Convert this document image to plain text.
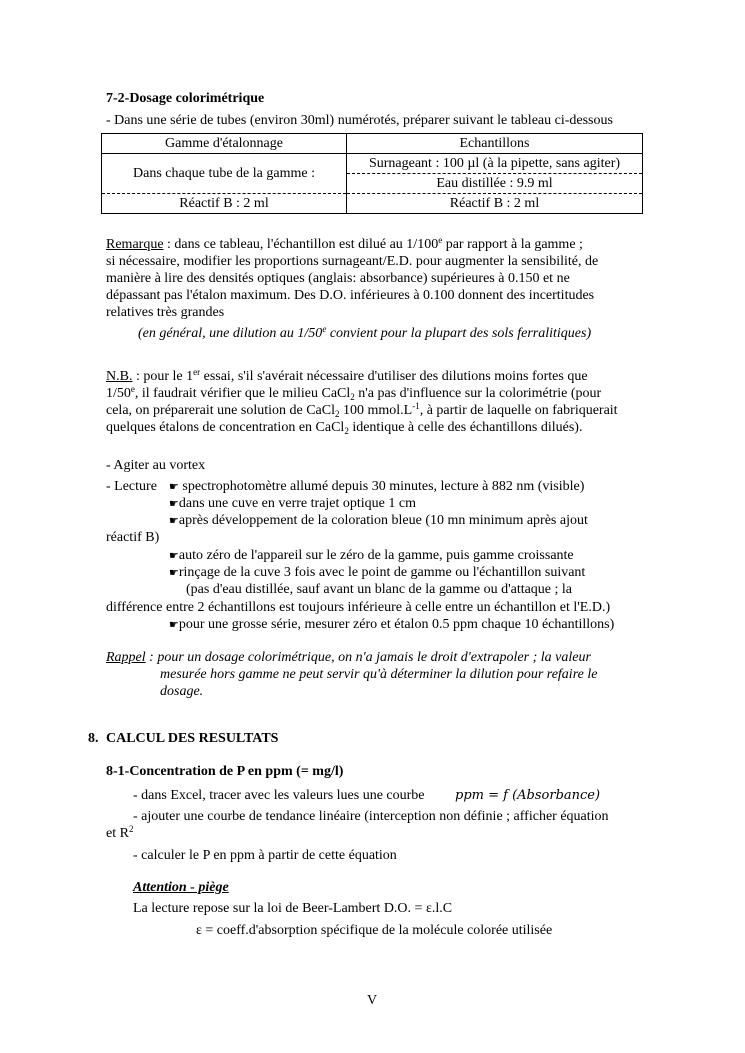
7-2-Dosage colorimétrique
- Dans une série de tubes (environ 30ml) numérotés, préparer suivant le tableau ci-dessous
Gamme d'étalonnage	Echantillons
Dans chaque tube de la gamme :	Surnageant : 100 µl (à la pipette, sans agiter)
	Eau distillée : 9.9 ml
Réactif B : 2 ml	Réactif B : 2 ml
Remarque : dans ce tableau, l'échantillon est dilué au 1/100e par rapport à la gamme ;
si nécessaire, modifier les proportions surnageant/E.D. pour augmenter la sensibilité, de
manière à lire des densités optiques (anglais: absorbance) supérieures à 0.150 et ne
dépassant pas l'étalon maximum. Des D.O. inférieures à 0.100 donnent des incertitudes
relatives très grandes
(en général, une dilution au 1/50e convient pour la plupart des sols ferralitiques)
N.B. : pour le 1er essai, s'il s'avérait nécessaire d'utiliser des dilutions moins fortes que
1/50e, il faudrait vérifier que le milieu CaCl$_2$ n'a pas d'influence sur la colorimétrie (pour
cela, on préparerait une solution de CaCl$_2$ 100 $mmol.L^{-1}$, à partir de laquelle on fabriquerait
quelques étalons de concentration en CaCl$_2$ identique à celle des échantillons dilués).
- Agiter au vortex
- Lecture ☛ spectrophotomètre allumé depuis 30 minutes, lecture à 882 nm (visible)
☛dans une cuve en verre trajet optique 1 cm
☛après développement de la coloration bleue (10 mn minimum après ajout
réactif B)
☛auto zéro de l'appareil sur le zéro de la gamme, puis gamme croissante
☛rinçage de la cuve 3 fois avec le point de gamme ou l'échantillon suivant
(pas d'eau distillée, sauf avant un blanc de la gamme ou d'attaque ; la
différence entre 2 échantillons est toujours inférieure à celle entre un échantillon et l'E.D.)
☛pour une grosse série, mesurer zéro et étalon 0.5 ppm chaque 10 échantillons)
Rappel : pour un dosage colorimétrique, on n'a jamais le droit d'extrapoler ; la valeur
mesurée hors gamme ne peut servir qu'à déterminer la dilution pour refaire le
dosage.
8. CALCUL DES RESULTATS
8-1-Concentration de P en ppm (= mg/l)
- dans Excel, tracer avec les valeurs lues une courbe ppm = f (Absorbance)
- ajouter une courbe de tendance linéaire (interception non définie ; afficher équation
et $R^2$
- calculer le P en ppm à partir de cette équation
Attention - piège
La lecture repose sur la loi de Beer-Lambert D.O. = ε.l.C
ε = coeff.d'absorption spécifique de la molécule colorée utilisée
V
